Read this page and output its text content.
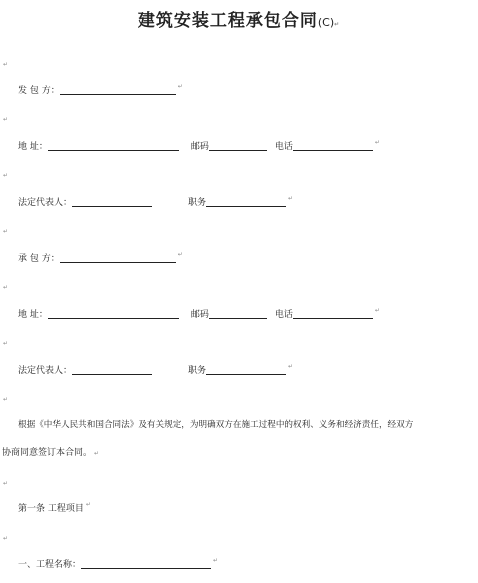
建筑安装工程承包合同(C)↵
↵
发 包 方：	↵
↵
地 址：	邮码	电话	↵
↵
法定代表人：	职务	↵
↵
承 包 方：	↵
↵
地 址：	邮码	电话	↵
↵
法定代表人：	职务	↵
↵
根据《中华人民共和国合同法》及有关规定，为明确双方在施工过程中的权利、义务和经济责任，经双方
协商同意签订本合同。 ↵
↵
第一条 工程项目 ↵
↵
一、工程名称：	↵
